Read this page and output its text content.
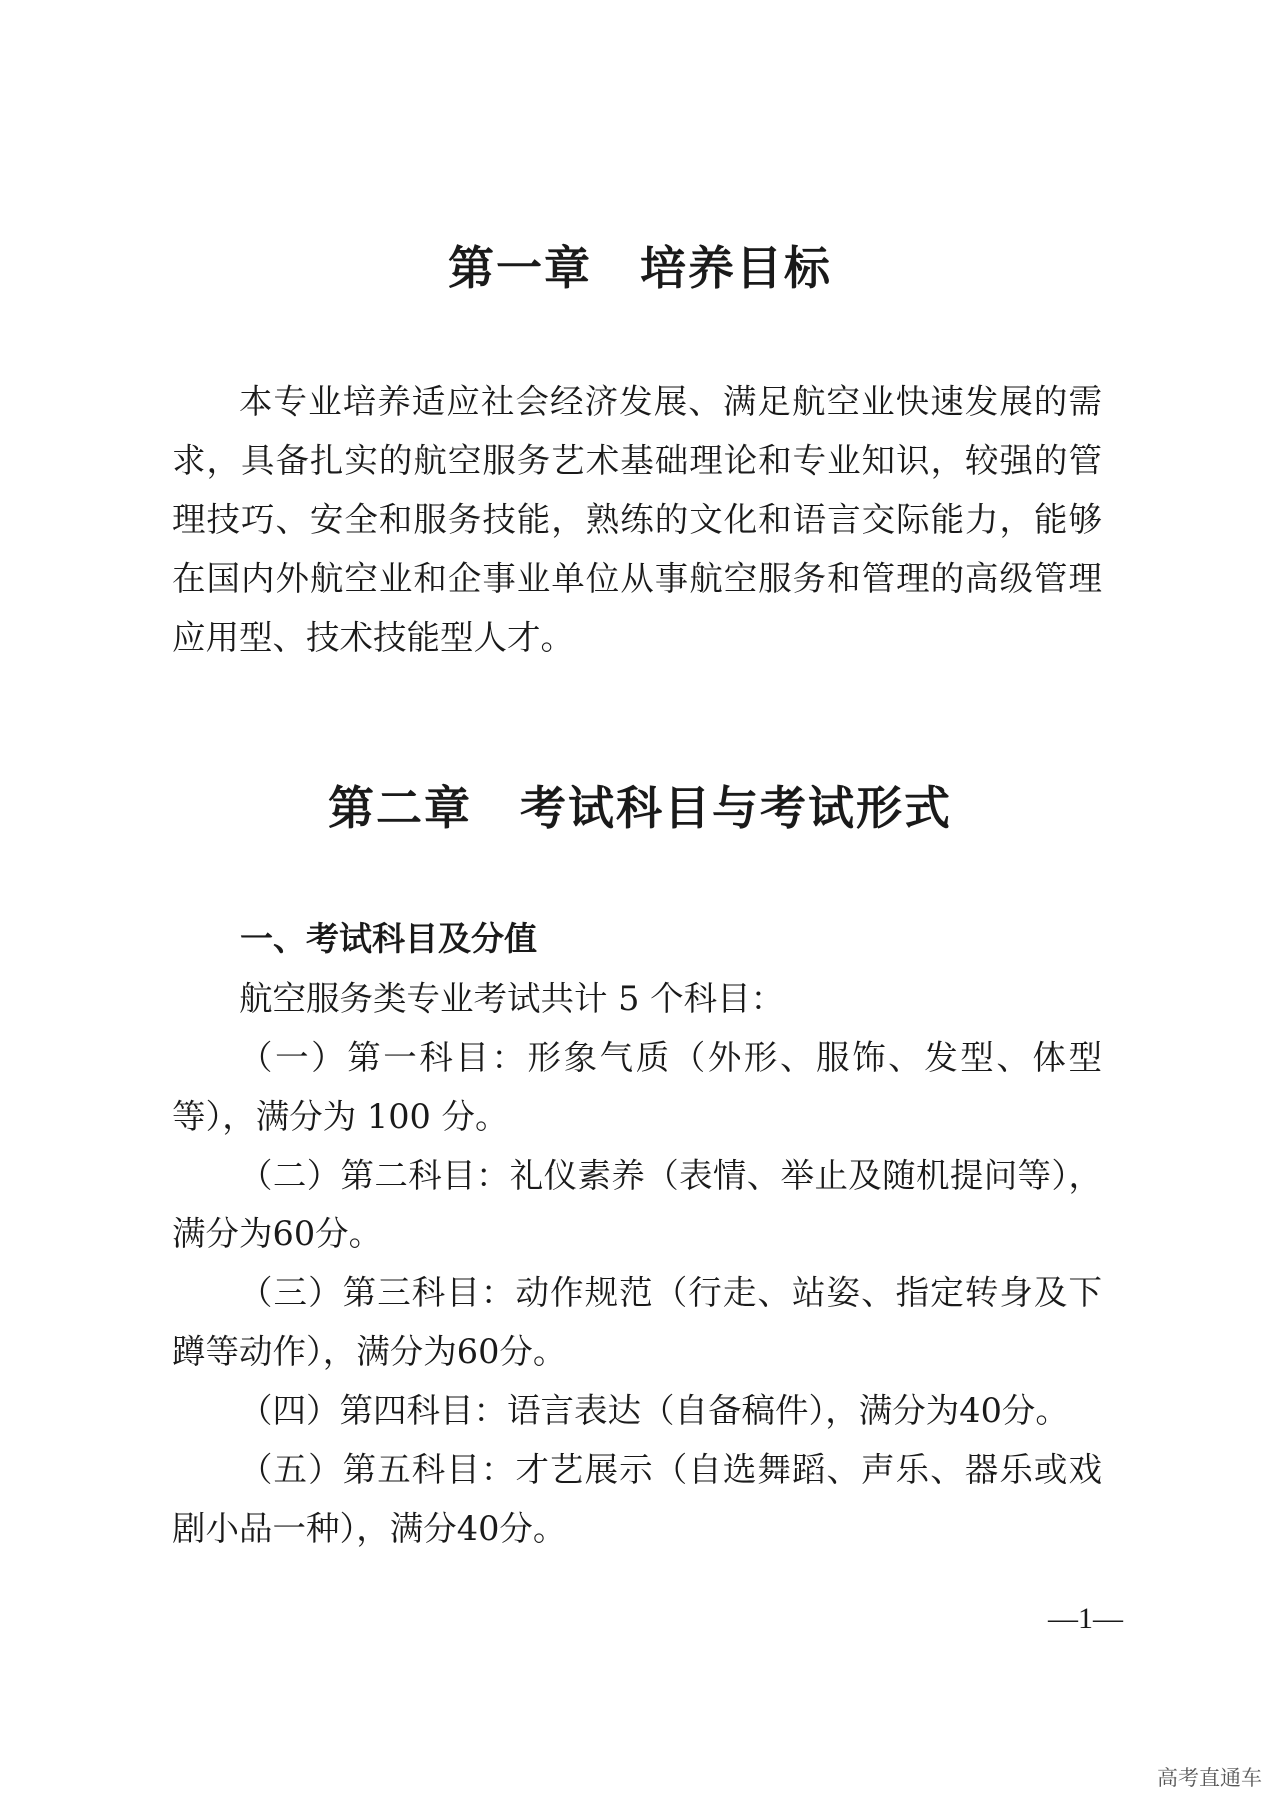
第一章　培养目标

本专业培养适应社会经济发展、满足航空业快速发展的需求，具备扎实的航空服务艺术基础理论和专业知识，较强的管理技巧、安全和服务技能，熟练的文化和语言交际能力，能够在国内外航空业和企事业单位从事航空服务和管理的高级管理应用型、技术技能型人才。

第二章　考试科目与考试形式
一、考试科目及分值

航空服务类专业考试共计 5 个科目：

（一）第一科目：形象气质（外形、服饰、发型、体型等），满分为 100 分。

（二）第二科目：礼仪素养（表情、举止及随机提问等），满分为60分。

（三）第三科目：动作规范（行走、站姿、指定转身及下蹲等动作），满分为60分。

（四）第四科目：语言表达（自备稿件），满分为40分。

（五）第五科目：才艺展示（自选舞蹈、声乐、器乐或戏剧小品一种），满分40分。

—1—

高考直通车
